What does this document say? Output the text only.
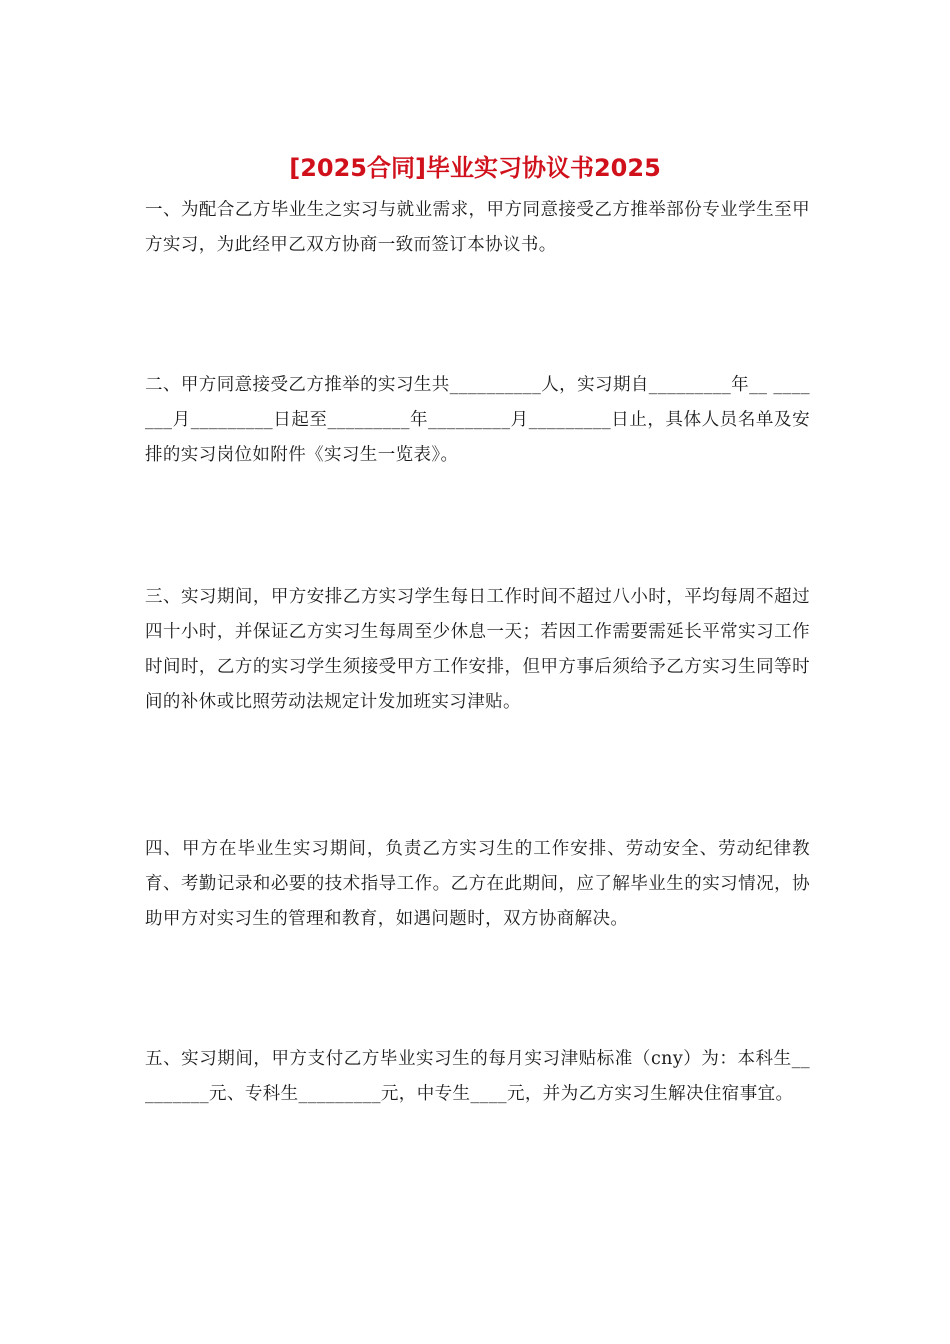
[2025合同]毕业实习协议书2025

一、为配合乙方毕业生之实习与就业需求，甲方同意接受乙方推举部份专业学生至甲方实习，为此经甲乙双方协商一致而签订本协议书。

二、甲方同意接受乙方推举的实习生共__________人，实习期自_________年__ _______月_________日起至_________年_________月_________日止，具体人员名单及安排的实习岗位如附件《实习生一览表》。

三、实习期间，甲方安排乙方实习学生每日工作时间不超过八小时，平均每周不超过四十小时，并保证乙方实习生每周至少休息一天；若因工作需要需延长平常实习工作时间时，乙方的实习学生须接受甲方工作安排，但甲方事后须给予乙方实习生同等时间的补休或比照劳动法规定计发加班实习津贴。

四、甲方在毕业生实习期间，负责乙方实习生的工作安排、劳动安全、劳动纪律教育、考勤记录和必要的技术指导工作。乙方在此期间，应了解毕业生的实习情况，协助甲方对实习生的管理和教育，如遇问题时，双方协商解决。

五、实习期间，甲方支付乙方毕业实习生的每月实习津贴标准（cny）为：本科生_________元、专科生_________元，中专生____元，并为乙方实习生解决住宿事宜。
